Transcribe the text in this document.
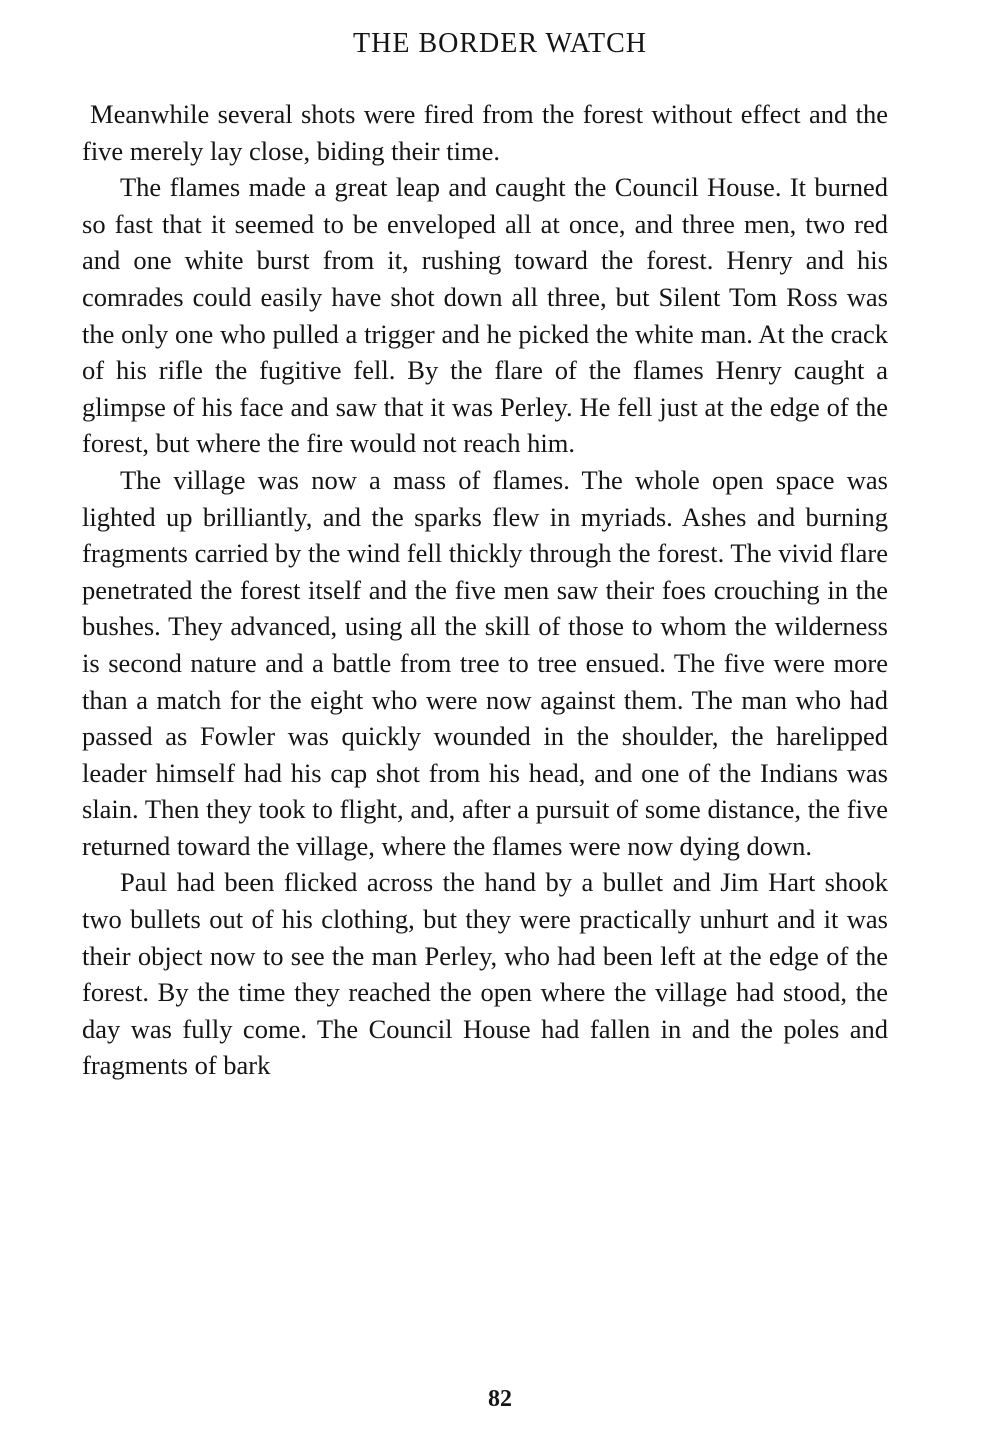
THE BORDER WATCH

Meanwhile several shots were fired from the forest without effect and the five merely lay close, biding their time.

The flames made a great leap and caught the Council House. It burned so fast that it seemed to be enveloped all at once, and three men, two red and one white burst from it, rushing toward the forest. Henry and his comrades could easily have shot down all three, but Silent Tom Ross was the only one who pulled a trigger and he picked the white man. At the crack of his rifle the fugitive fell. By the flare of the flames Henry caught a glimpse of his face and saw that it was Perley. He fell just at the edge of the forest, but where the fire would not reach him.

The village was now a mass of flames. The whole open space was lighted up brilliantly, and the sparks flew in myriads. Ashes and burning fragments carried by the wind fell thickly through the forest. The vivid flare penetrated the forest itself and the five men saw their foes crouching in the bushes. They advanced, using all the skill of those to whom the wilderness is second nature and a battle from tree to tree ensued. The five were more than a match for the eight who were now against them. The man who had passed as Fowler was quickly wounded in the shoulder, the harelipped leader himself had his cap shot from his head, and one of the Indians was slain. Then they took to flight, and, after a pursuit of some distance, the five returned toward the village, where the flames were now dying down.

Paul had been flicked across the hand by a bullet and Jim Hart shook two bullets out of his clothing, but they were practically unhurt and it was their object now to see the man Perley, who had been left at the edge of the forest. By the time they reached the open where the village had stood, the day was fully come. The Council House had fallen in and the poles and fragments of bark

82
